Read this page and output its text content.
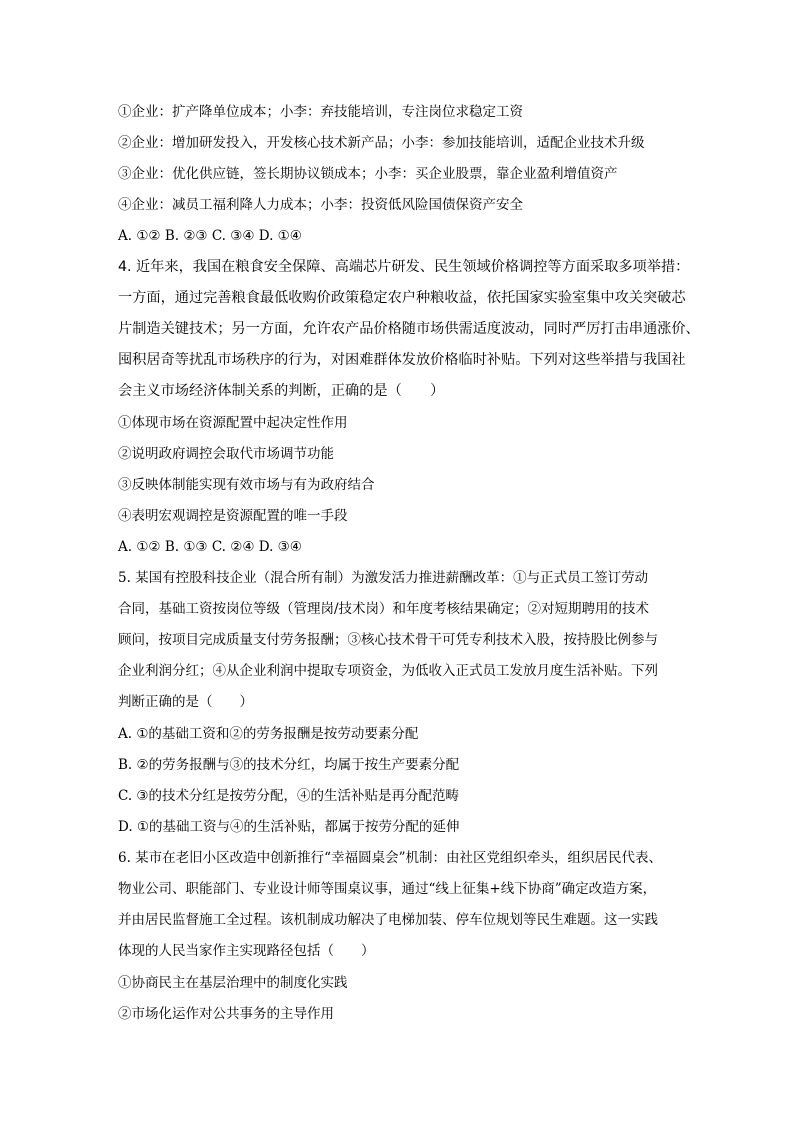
①企业：扩产降单位成本；小李：弃技能培训，专注岗位求稳定工资
②企业：增加研发投入，开发核心技术新产品；小李：参加技能培训，适配企业技术升级
③企业：优化供应链，签长期协议锁成本；小李：买企业股票，靠企业盈利增值资产
④企业：减员工福利降人力成本；小李：投资低风险国债保资产安全
A. ①② B. ②③ C. ③④ D. ①④
4. 近年来，我国在粮食安全保障、高端芯片研发、民生领域价格调控等方面采取多项举措：
一方面，通过完善粮食最低收购价政策稳定农户种粮收益，依托国家实验室集中攻关突破芯
片制造关键技术；另一方面，允许农产品价格随市场供需适度波动，同时严厉打击串通涨价、
囤积居奇等扰乱市场秩序的行为，对困难群体发放价格临时补贴。下列对这些举措与我国社
会主义市场经济体制关系的判断，正确的是（　　）
①体现市场在资源配置中起决定性作用
②说明政府调控会取代市场调节功能
③反映体制能实现有效市场与有为政府结合
④表明宏观调控是资源配置的唯一手段
A. ①② B. ①③ C. ②④ D. ③④
5. 某国有控股科技企业（混合所有制）为激发活力推进薪酬改革：①与正式员工签订劳动
合同，基础工资按岗位等级（管理岗/技术岗）和年度考核结果确定；②对短期聘用的技术
顾问，按项目完成质量支付劳务报酬；③核心技术骨干可凭专利技术入股，按持股比例参与
企业利润分红；④从企业利润中提取专项资金，为低收入正式员工发放月度生活补贴。下列
判断正确的是（　　）
A. ①的基础工资和②的劳务报酬是按劳动要素分配
B. ②的劳务报酬与③的技术分红，均属于按生产要素分配
C. ③的技术分红是按劳分配，④的生活补贴是再分配范畴
D. ①的基础工资与④的生活补贴，都属于按劳分配的延伸
6. 某市在老旧小区改造中创新推行“幸福圆桌会”机制：由社区党组织牵头，组织居民代表、
物业公司、职能部门、专业设计师等围桌议事，通过“线上征集+线下协商”确定改造方案，
并由居民监督施工全过程。该机制成功解决了电梯加装、停车位规划等民生难题。这一实践
体现的人民当家作主实现路径包括（　　）
①协商民主在基层治理中的制度化实践
②市场化运作对公共事务的主导作用
